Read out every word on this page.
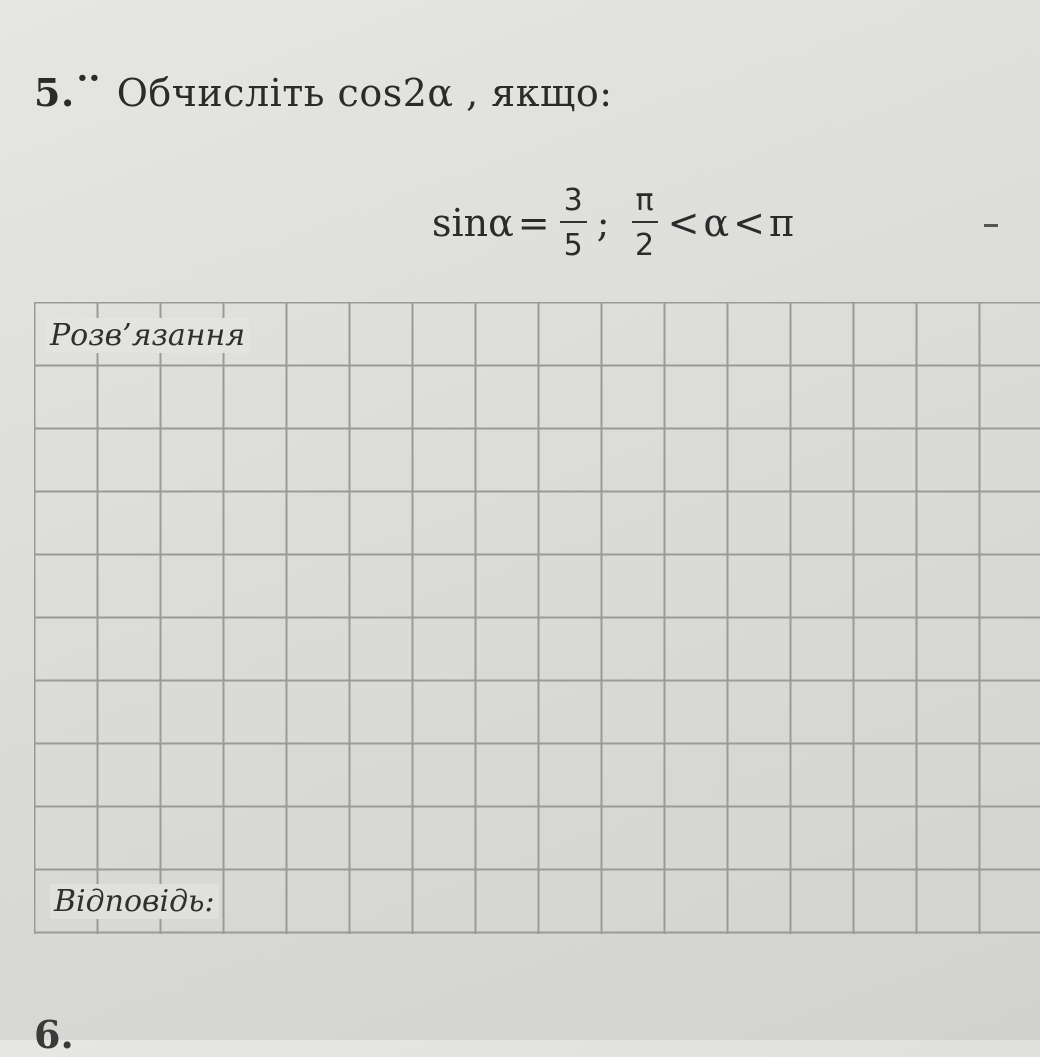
5. •• Обчисліть cos2α , якщо:
$\sin\alpha = \frac{3}{5}$ ; $\frac{\pi}{2} < \alpha < \pi$
Розв’язання
Відповідь:
6.
